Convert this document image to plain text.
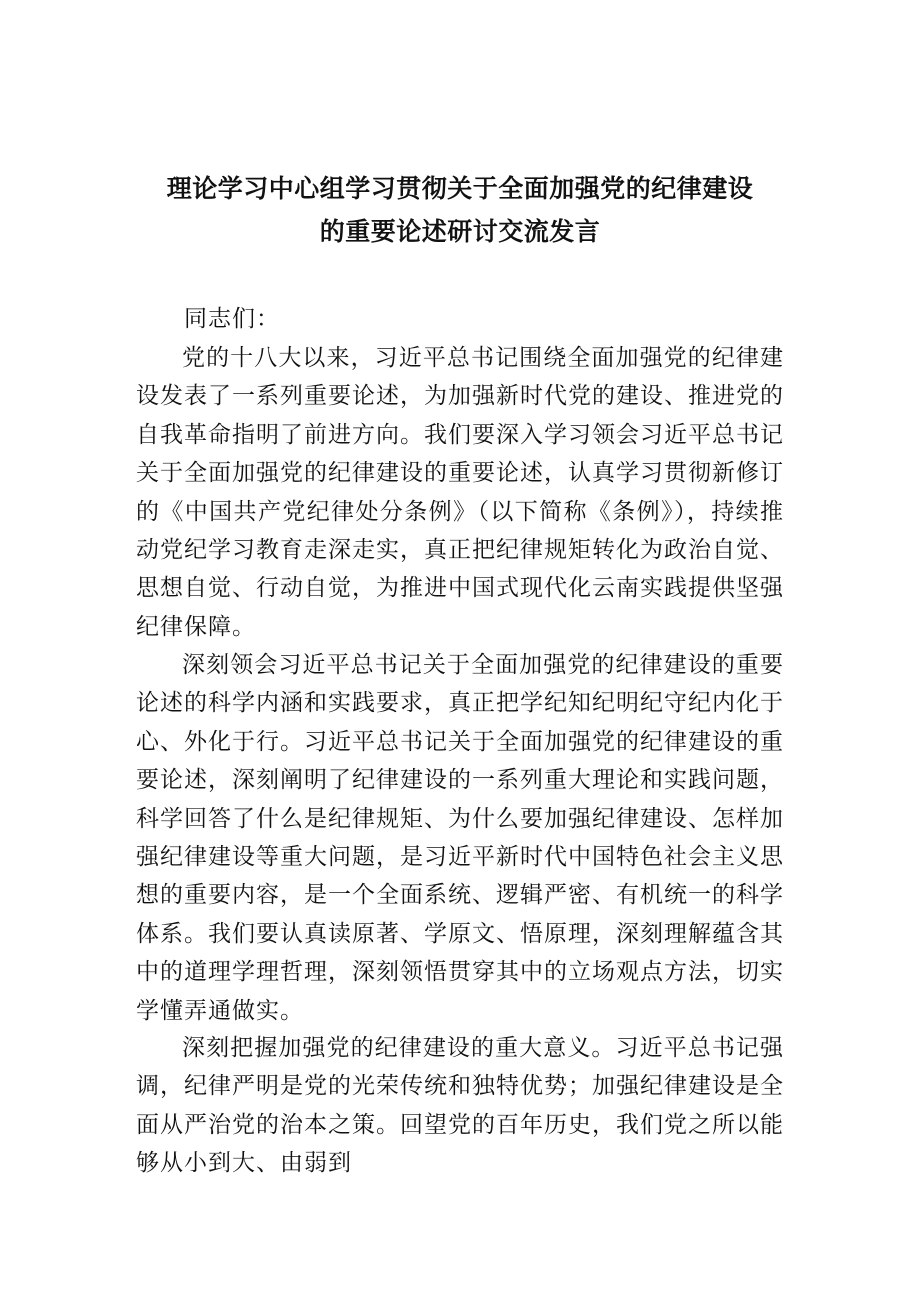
理论学习中心组学习贯彻关于全面加强党的纪律建设
的重要论述研讨交流发言
同志们：

党的十八大以来，习近平总书记围绕全面加强党的纪律建设发表了一系列重要论述，为加强新时代党的建设、推进党的自我革命指明了前进方向。我们要深入学习领会习近平总书记关于全面加强党的纪律建设的重要论述，认真学习贯彻新修订的《中国共产党纪律处分条例》（以下简称《条例》），持续推动党纪学习教育走深走实，真正把纪律规矩转化为政治自觉、思想自觉、行动自觉，为推进中国式现代化云南实践提供坚强纪律保障。

深刻领会习近平总书记关于全面加强党的纪律建设的重要论述的科学内涵和实践要求，真正把学纪知纪明纪守纪内化于心、外化于行。习近平总书记关于全面加强党的纪律建设的重要论述，深刻阐明了纪律建设的一系列重大理论和实践问题，科学回答了什么是纪律规矩、为什么要加强纪律建设、怎样加强纪律建设等重大问题，是习近平新时代中国特色社会主义思想的重要内容，是一个全面系统、逻辑严密、有机统一的科学体系。我们要认真读原著、学原文、悟原理，深刻理解蕴含其中的道理学理哲理，深刻领悟贯穿其中的立场观点方法，切实学懂弄通做实。

深刻把握加强党的纪律建设的重大意义。习近平总书记强调，纪律严明是党的光荣传统和独特优势；加强纪律建设是全面从严治党的治本之策。回望党的百年历史，我们党之所以能够从小到大、由弱到
